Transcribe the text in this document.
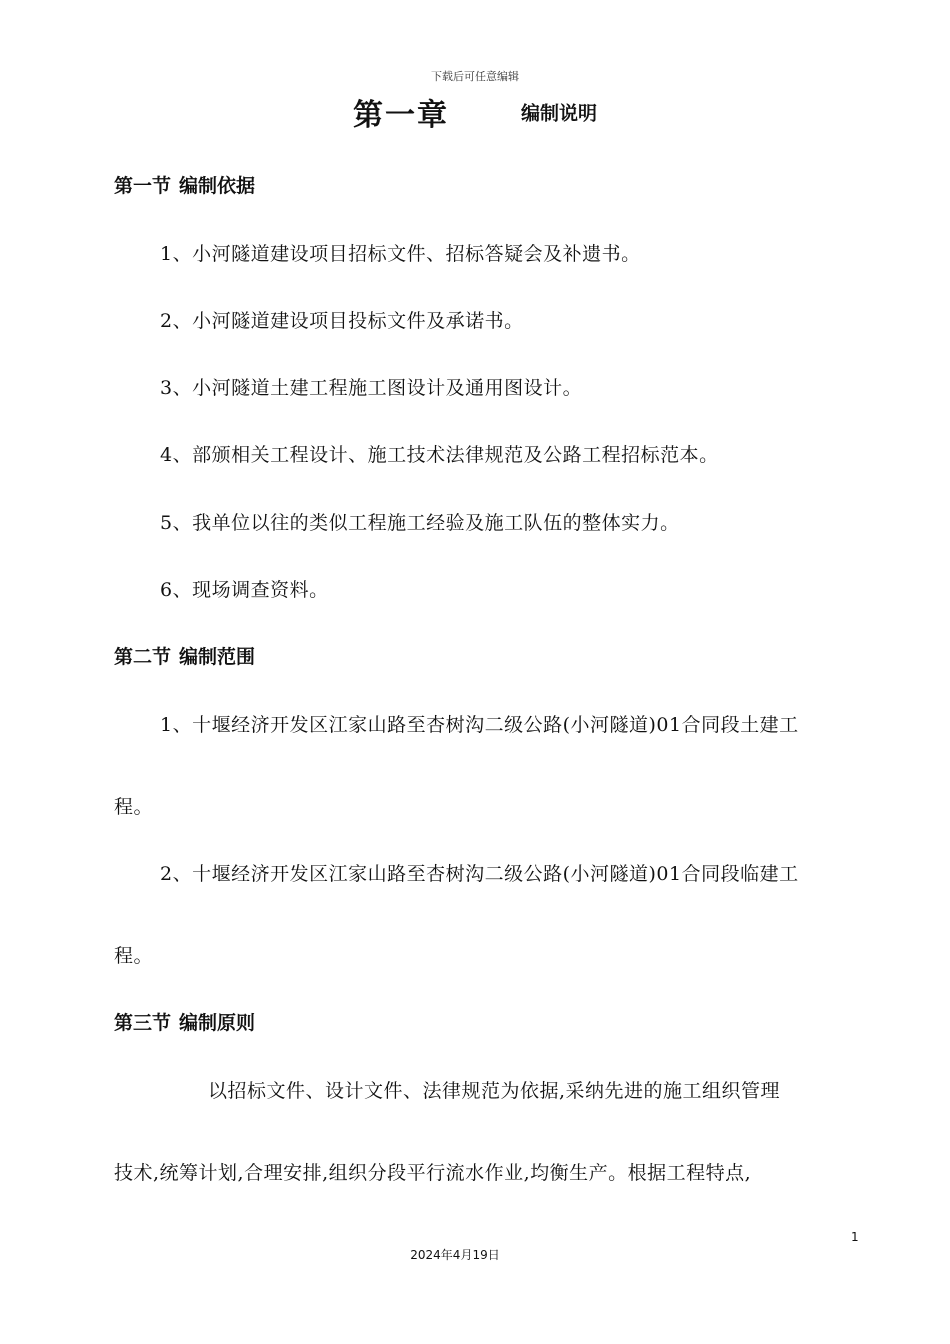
下载后可任意编辑
第一章	编制说明
第一节 编制依据
1、小河隧道建设项目招标文件、招标答疑会及补遗书。
2、小河隧道建设项目投标文件及承诺书。
3、小河隧道土建工程施工图设计及通用图设计。
4、部颁相关工程设计、施工技术法律规范及公路工程招标范本。
5、我单位以往的类似工程施工经验及施工队伍的整体实力。
6、现场调查资料。
第二节 编制范围
1、十堰经济开发区江家山路至杏树沟二级公路(小河隧道)01合同段土建工
程。
2、十堰经济开发区江家山路至杏树沟二级公路(小河隧道)01合同段临建工
程。
第三节 编制原则
以招标文件、设计文件、法律规范为依据,采纳先进的施工组织管理
技术,统筹计划,合理安排,组织分段平行流水作业,均衡生产。根据工程特点,
1
2024年4月19日
